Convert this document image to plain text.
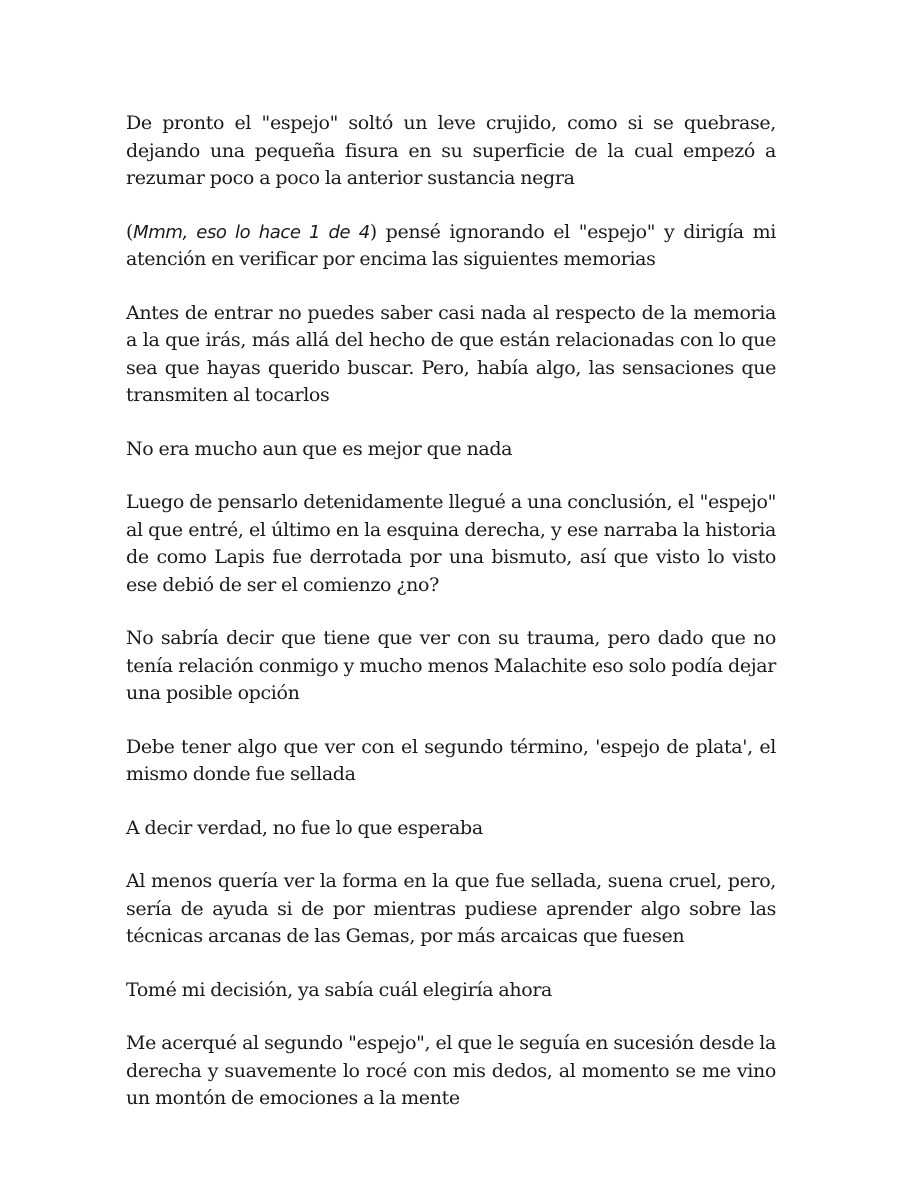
De pronto el "espejo" soltó un leve crujido, como si se quebrase, dejando una pequeña fisura en su superficie de la cual empezó a rezumar poco a poco la anterior sustancia negra

(Mmm, eso lo hace 1 de 4) pensé ignorando el "espejo" y dirigía mi atención en verificar por encima las siguientes memorias

Antes de entrar no puedes saber casi nada al respecto de la memoria a la que irás, más allá del hecho de que están relacionadas con lo que sea que hayas querido buscar. Pero, había algo, las sensaciones que transmiten al tocarlos

No era mucho aun que es mejor que nada

Luego de pensarlo detenidamente llegué a una conclusión, el "espejo" al que entré, el último en la esquina derecha, y ese narraba la historia de como Lapis fue derrotada por una bismuto, así que visto lo visto ese debió de ser el comienzo ¿no?

No sabría decir que tiene que ver con su trauma, pero dado que no tenía relación conmigo y mucho menos Malachite eso solo podía dejar una posible opción

Debe tener algo que ver con el segundo término, 'espejo de plata', el mismo donde fue sellada

A decir verdad, no fue lo que esperaba

Al menos quería ver la forma en la que fue sellada, suena cruel, pero, sería de ayuda si de por mientras pudiese aprender algo sobre las técnicas arcanas de las Gemas, por más arcaicas que fuesen

Tomé mi decisión, ya sabía cuál elegiría ahora

Me acerqué al segundo "espejo", el que le seguía en sucesión desde la derecha y suavemente lo rocé con mis dedos, al momento se me vino un montón de emociones a la mente
